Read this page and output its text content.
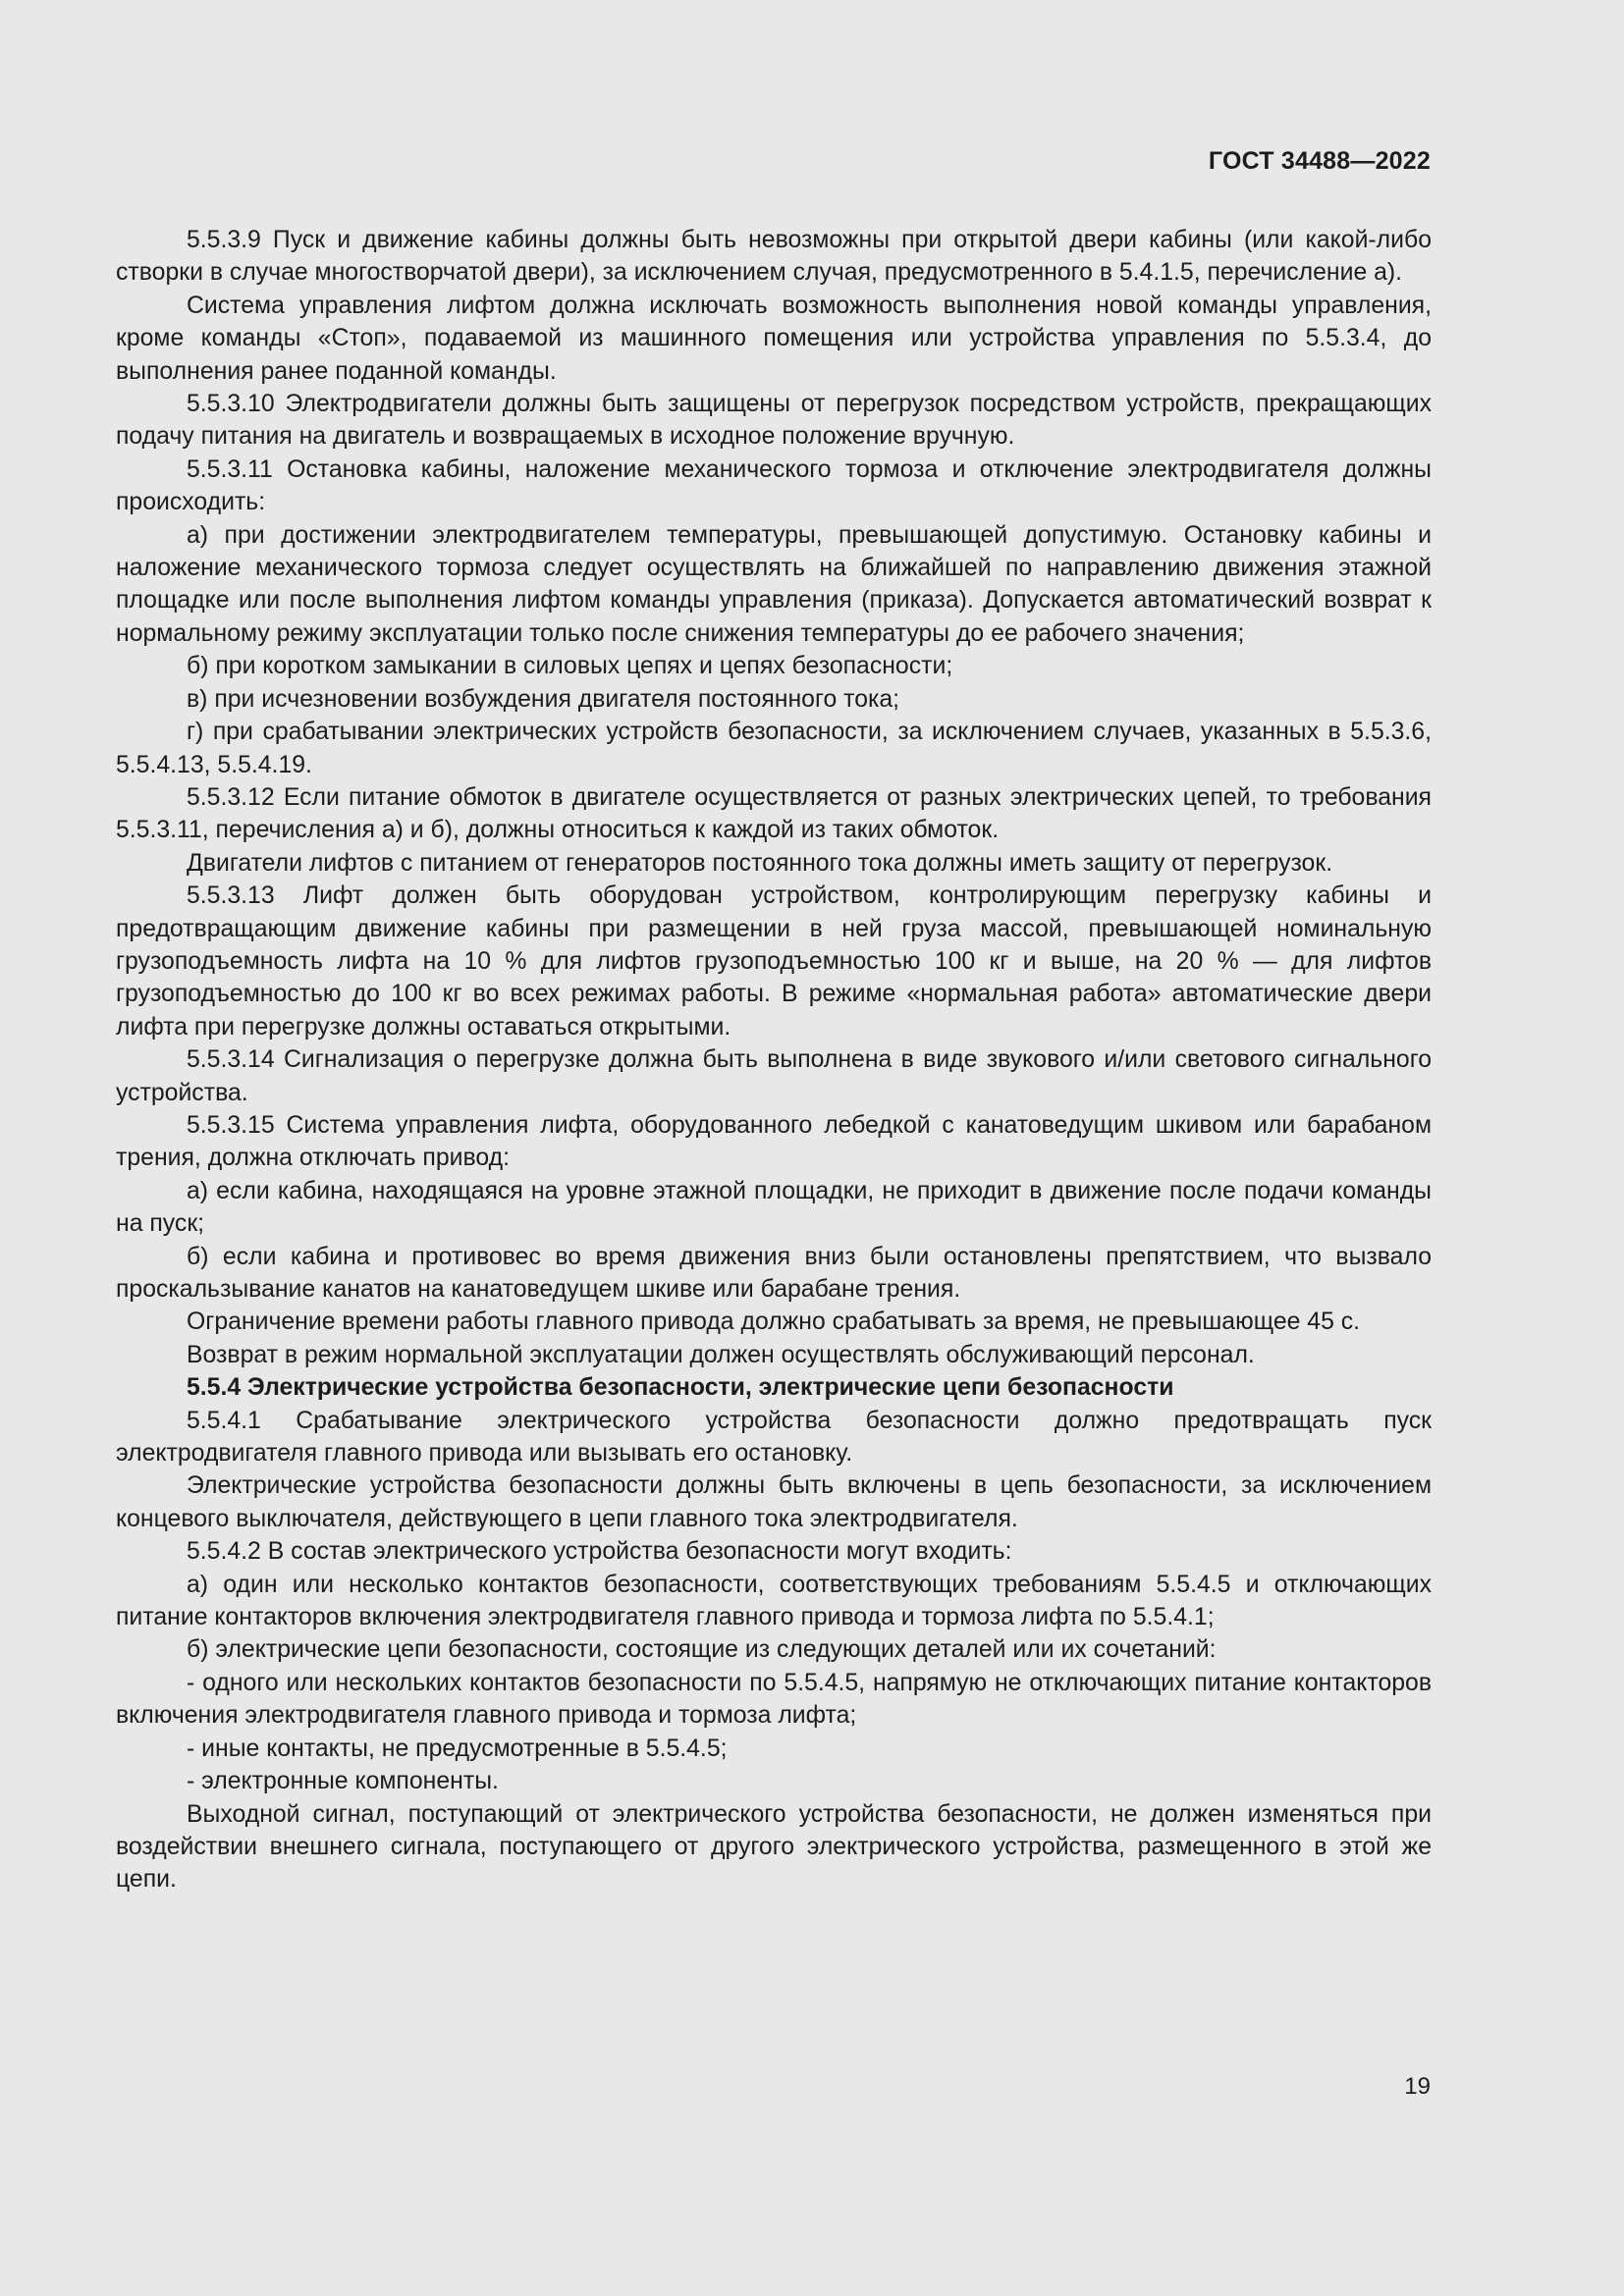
ГОСТ 34488—2022

5.5.3.9 Пуск и движение кабины должны быть невозможны при открытой двери кабины (или какой-либо створки в случае многостворчатой двери), за исключением случая, предусмотренного в 5.4.1.5, перечисление а).

Система управления лифтом должна исключать возможность выполнения новой команды управления, кроме команды «Стоп», подаваемой из машинного помещения или устройства управления по 5.5.3.4, до выполнения ранее поданной команды.

5.5.3.10 Электродвигатели должны быть защищены от перегрузок посредством устройств, прекращающих подачу питания на двигатель и возвращаемых в исходное положение вручную.

5.5.3.11 Остановка кабины, наложение механического тормоза и отключение электродвигателя должны происходить:

а) при достижении электродвигателем температуры, превышающей допустимую. Остановку кабины и наложение механического тормоза следует осуществлять на ближайшей по направлению движения этажной площадке или после выполнения лифтом команды управления (приказа). Допускается автоматический возврат к нормальному режиму эксплуатации только после снижения температуры до ее рабочего значения;

б) при коротком замыкании в силовых цепях и цепях безопасности;

в) при исчезновении возбуждения двигателя постоянного тока;

г) при срабатывании электрических устройств безопасности, за исключением случаев, указанных в 5.5.3.6, 5.5.4.13, 5.5.4.19.

5.5.3.12 Если питание обмоток в двигателе осуществляется от разных электрических цепей, то требования 5.5.3.11, перечисления а) и б), должны относиться к каждой из таких обмоток.

Двигатели лифтов с питанием от генераторов постоянного тока должны иметь защиту от перегрузок.

5.5.3.13 Лифт должен быть оборудован устройством, контролирующим перегрузку кабины и предотвращающим движение кабины при размещении в ней груза массой, превышающей номинальную грузоподъемность лифта на 10 % для лифтов грузоподъемностью 100 кг и выше, на 20 % — для лифтов грузоподъемностью до 100 кг во всех режимах работы. В режиме «нормальная работа» автоматические двери лифта при перегрузке должны оставаться открытыми.

5.5.3.14 Сигнализация о перегрузке должна быть выполнена в виде звукового и/или светового сигнального устройства.

5.5.3.15 Система управления лифта, оборудованного лебедкой с канатоведущим шкивом или барабаном трения, должна отключать привод:

а) если кабина, находящаяся на уровне этажной площадки, не приходит в движение после подачи команды на пуск;

б) если кабина и противовес во время движения вниз были остановлены препятствием, что вызвало проскальзывание канатов на канатоведущем шкиве или барабане трения.

Ограничение времени работы главного привода должно срабатывать за время, не превышающее 45 с.

Возврат в режим нормальной эксплуатации должен осуществлять обслуживающий персонал.

5.5.4 Электрические устройства безопасности, электрические цепи безопасности

5.5.4.1 Срабатывание электрического устройства безопасности должно предотвращать пуск электродвигателя главного привода или вызывать его остановку.

Электрические устройства безопасности должны быть включены в цепь безопасности, за исключением концевого выключателя, действующего в цепи главного тока электродвигателя.

5.5.4.2 В состав электрического устройства безопасности могут входить:

а) один или несколько контактов безопасности, соответствующих требованиям 5.5.4.5 и отключающих питание контакторов включения электродвигателя главного привода и тормоза лифта по 5.5.4.1;

б) электрические цепи безопасности, состоящие из следующих деталей или их сочетаний:

- одного или нескольких контактов безопасности по 5.5.4.5, напрямую не отключающих питание контакторов включения электродвигателя главного привода и тормоза лифта;

- иные контакты, не предусмотренные в 5.5.4.5;

- электронные компоненты.

Выходной сигнал, поступающий от электрического устройства безопасности, не должен изменяться при воздействии внешнего сигнала, поступающего от другого электрического устройства, размещенного в этой же цепи.

19
